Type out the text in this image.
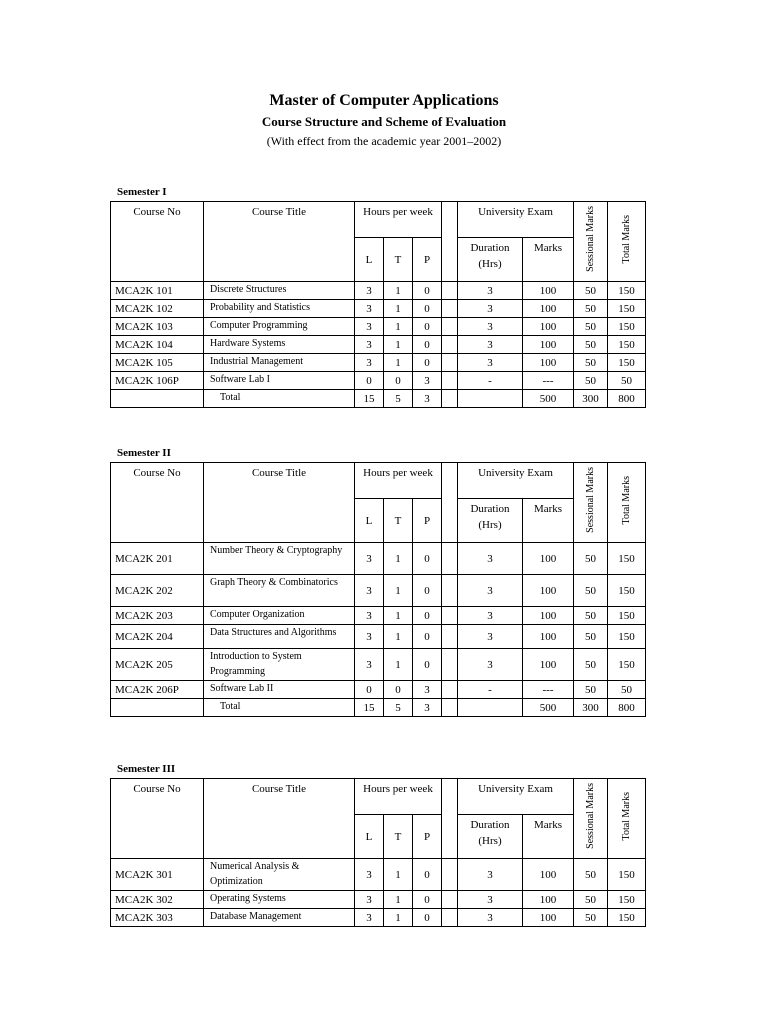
Master of Computer Applications
Course Structure and Scheme of Evaluation
(With effect from the academic year 2001–2002)
Semester I
Course No	Course Title	Hours per week				University Exam		Sessional Marks	Total Marks
		L	T	P		Duration (Hrs)	Marks		
MCA2K 101	Discrete Structures	3	1	0		3	100	50	150
MCA2K 102	Probability and Statistics	3	1	0		3	100	50	150
MCA2K 103	Computer Programming	3	1	0		3	100	50	150
MCA2K 104	Hardware Systems	3	1	0		3	100	50	150
MCA2K 105	Industrial Management	3	1	0		3	100	50	150
MCA2K 106P	Software Lab I	0	0	3		-	---	50	50
	Total	15	5	3			500	300	800
Semester II
Course No	Course Title	Hours per week				University Exam		Sessional Marks	Total Marks
		L	T	P		Duration (Hrs)	Marks		
MCA2K 201	Number Theory & Cryptography	3	1	0		3	100	50	150
MCA2K 202	Graph Theory & Combinatorics	3	1	0		3	100	50	150
MCA2K 203	Computer Organization	3	1	0		3	100	50	150
MCA2K 204	Data Structures and Algorithms	3	1	0		3	100	50	150
MCA2K 205	Introduction to System Programming	3	1	0		3	100	50	150
MCA2K 206P	Software Lab II	0	0	3		-	---	50	50
	Total	15	5	3			500	300	800
Semester III
Course No	Course Title	Hours per week				University Exam		Sessional Marks	Total Marks
		L	T	P		Duration (Hrs)	Marks		
MCA2K 301	Numerical Analysis & Optimization	3	1	0		3	100	50	150
MCA2K 302	Operating Systems	3	1	0		3	100	50	150
MCA2K 303	Database Management	3	1	0		3	100	50	150
